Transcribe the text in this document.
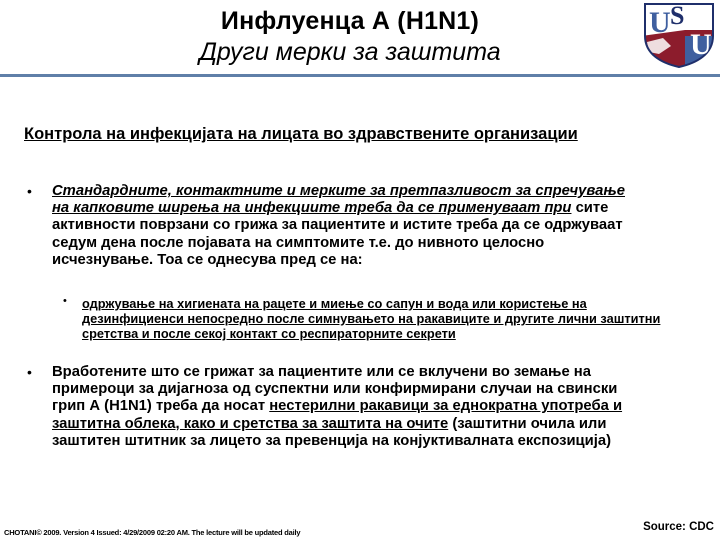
Инфлуенца А (H1N1)
Други мерки за заштита
U S
U
Контрола на инфекцијата на лицата во здравствените организации
• Стандардните, контактните и мерките за претпазливост за спречување на капковите ширења на инфекциите треба да се применуваат при сите активности поврзани со грижа за пациентите и истите треба да се одржуваат седум дена после појавата на симптомите т.е. до нивното целосно исчезнување. Тоа се однесува пред се на:
• одржување на хигиената на рацете и миење со сапун и вода или користење на дезинфициенси непосредно после симнувањето на ракавиците и другите лични заштитни сретства и после секој контакт со респираторните секрети
• Вработените што се грижат за пациентите или се вклучени во земање на примероци за дијагноза од суспектни или конфирмирани случаи на свински грип А (H1N1) треба да носат нестерилни ракавици за еднократна употреба и заштитна облека, како и сретства за заштита на очите (заштитни очила или заштитен штитник за лицето за превенција на конјуктивалната експозиција)
CHOTANI© 2009. Version 4 Issued: 4/29/2009 02:20 AM. The lecture will be updated daily	Source: CDC
